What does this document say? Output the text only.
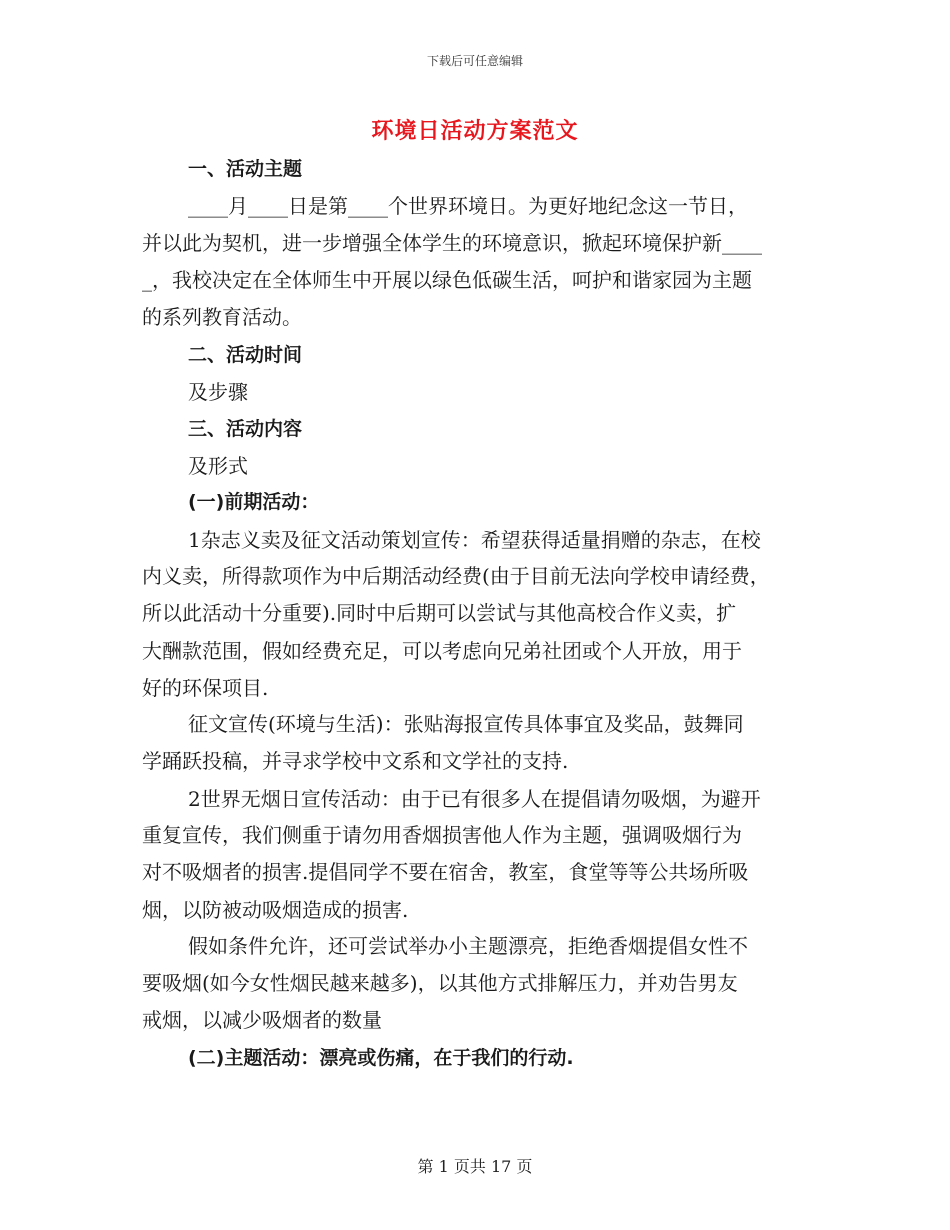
下载后可任意编辑
环境日活动方案范文
一、活动主题
____月____日是第____个世界环境日。为更好地纪念这一节日，
并以此为契机，进一步增强全体学生的环境意识，掀起环境保护新____
_，我校决定在全体师生中开展以绿色低碳生活，呵护和谐家园为主题
的系列教育活动。
二、活动时间
及步骤
三、活动内容
及形式
(一)前期活动：
1杂志义卖及征文活动策划宣传：希望获得适量捐赠的杂志，在校
内义卖，所得款项作为中后期活动经费(由于目前无法向学校申请经费，
所以此活动十分重要).同时中后期可以尝试与其他高校合作义卖，扩
大酬款范围，假如经费充足，可以考虑向兄弟社团或个人开放，用于
好的环保项目.
征文宣传(环境与生活)：张贴海报宣传具体事宜及奖品，鼓舞同
学踊跃投稿，并寻求学校中文系和文学社的支持.
2世界无烟日宣传活动：由于已有很多人在提倡请勿吸烟，为避开
重复宣传，我们侧重于请勿用香烟损害他人作为主题，强调吸烟行为
对不吸烟者的损害.提倡同学不要在宿舍，教室，食堂等等公共场所吸
烟，以防被动吸烟造成的损害.
假如条件允许，还可尝试举办小主题漂亮，拒绝香烟提倡女性不
要吸烟(如今女性烟民越来越多)，以其他方式排解压力，并劝告男友
戒烟，以减少吸烟者的数量
(二)主题活动：漂亮或伤痛，在于我们的行动.
第 1 页共 17 页
